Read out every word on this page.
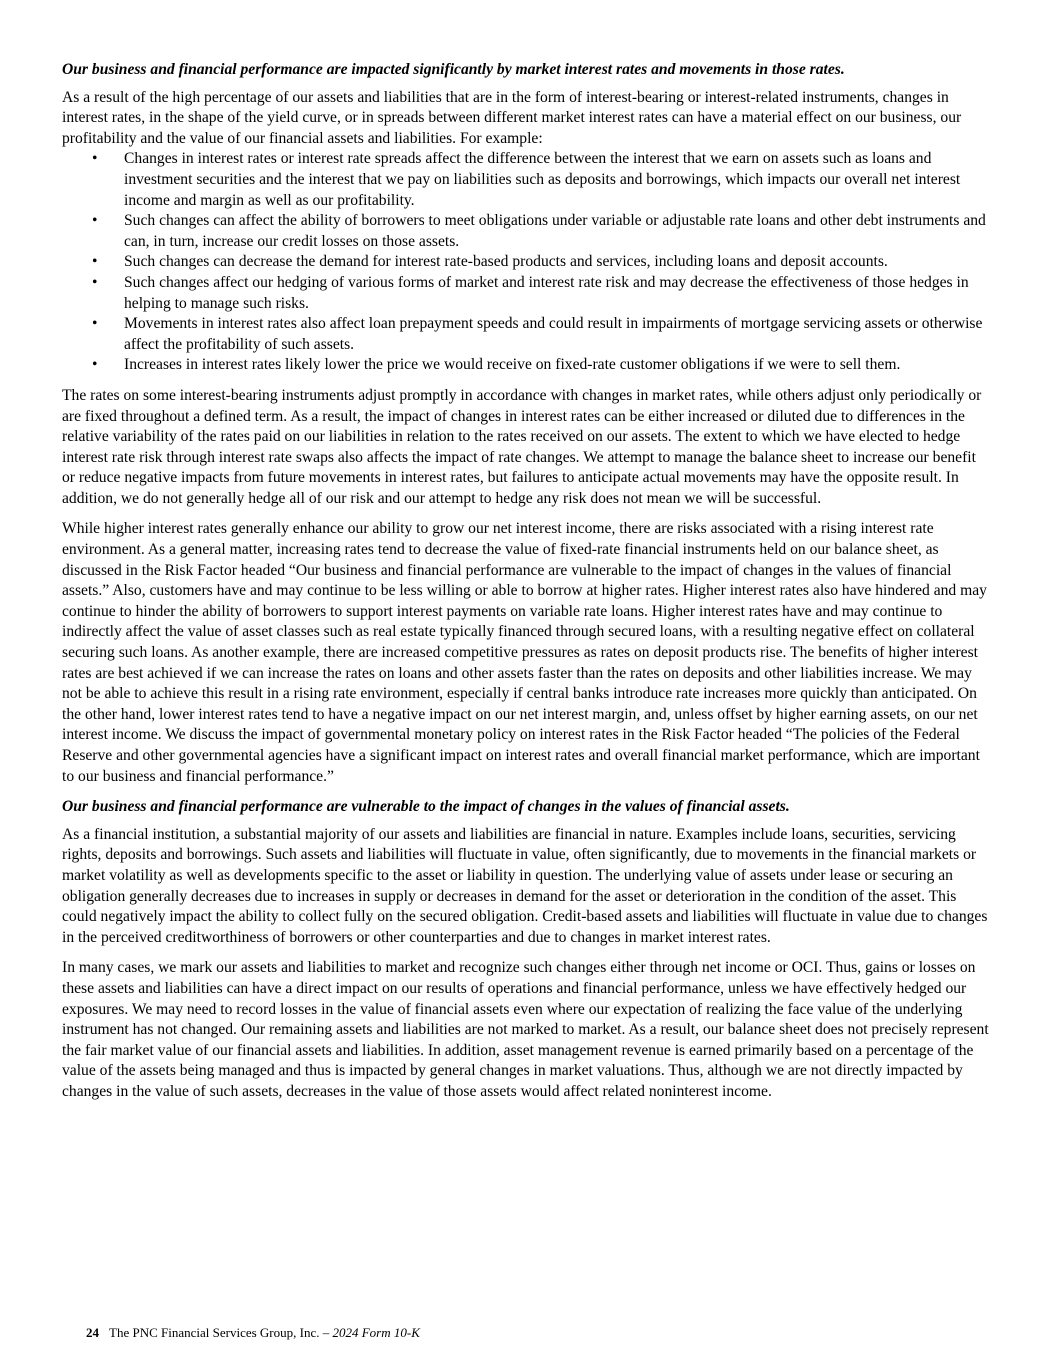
Our business and financial performance are impacted significantly by market interest rates and movements in those rates.

As a result of the high percentage of our assets and liabilities that are in the form of interest-bearing or interest-related instruments, changes in interest rates, in the shape of the yield curve, or in spreads between different market interest rates can have a material effect on our business, our profitability and the value of our financial assets and liabilities. For example:

• Changes in interest rates or interest rate spreads affect the difference between the interest that we earn on assets such as loans and investment securities and the interest that we pay on liabilities such as deposits and borrowings, which impacts our overall net interest income and margin as well as our profitability.
• Such changes can affect the ability of borrowers to meet obligations under variable or adjustable rate loans and other debt instruments and can, in turn, increase our credit losses on those assets.
• Such changes can decrease the demand for interest rate-based products and services, including loans and deposit accounts.
• Such changes affect our hedging of various forms of market and interest rate risk and may decrease the effectiveness of those hedges in helping to manage such risks.
• Movements in interest rates also affect loan prepayment speeds and could result in impairments of mortgage servicing assets or otherwise affect the profitability of such assets.
• Increases in interest rates likely lower the price we would receive on fixed-rate customer obligations if we were to sell them.

The rates on some interest-bearing instruments adjust promptly in accordance with changes in market rates, while others adjust only periodically or are fixed throughout a defined term. As a result, the impact of changes in interest rates can be either increased or diluted due to differences in the relative variability of the rates paid on our liabilities in relation to the rates received on our assets. The extent to which we have elected to hedge interest rate risk through interest rate swaps also affects the impact of rate changes. We attempt to manage the balance sheet to increase our benefit or reduce negative impacts from future movements in interest rates, but failures to anticipate actual movements may have the opposite result. In addition, we do not generally hedge all of our risk and our attempt to hedge any risk does not mean we will be successful.

While higher interest rates generally enhance our ability to grow our net interest income, there are risks associated with a rising interest rate environment. As a general matter, increasing rates tend to decrease the value of fixed-rate financial instruments held on our balance sheet, as discussed in the Risk Factor headed “Our business and financial performance are vulnerable to the impact of changes in the values of financial assets.” Also, customers have and may continue to be less willing or able to borrow at higher rates. Higher interest rates also have hindered and may continue to hinder the ability of borrowers to support interest payments on variable rate loans. Higher interest rates have and may continue to indirectly affect the value of asset classes such as real estate typically financed through secured loans, with a resulting negative effect on collateral securing such loans. As another example, there are increased competitive pressures as rates on deposit products rise. The benefits of higher interest rates are best achieved if we can increase the rates on loans and other assets faster than the rates on deposits and other liabilities increase. We may not be able to achieve this result in a rising rate environment, especially if central banks introduce rate increases more quickly than anticipated. On the other hand, lower interest rates tend to have a negative impact on our net interest margin, and, unless offset by higher earning assets, on our net interest income. We discuss the impact of governmental monetary policy on interest rates in the Risk Factor headed “The policies of the Federal Reserve and other governmental agencies have a significant impact on interest rates and overall financial market performance, which are important to our business and financial performance.”

Our business and financial performance are vulnerable to the impact of changes in the values of financial assets.

As a financial institution, a substantial majority of our assets and liabilities are financial in nature. Examples include loans, securities, servicing rights, deposits and borrowings. Such assets and liabilities will fluctuate in value, often significantly, due to movements in the financial markets or market volatility as well as developments specific to the asset or liability in question. The underlying value of assets under lease or securing an obligation generally decreases due to increases in supply or decreases in demand for the asset or deterioration in the condition of the asset. This could negatively impact the ability to collect fully on the secured obligation. Credit-based assets and liabilities will fluctuate in value due to changes in the perceived creditworthiness of borrowers or other counterparties and due to changes in market interest rates.

In many cases, we mark our assets and liabilities to market and recognize such changes either through net income or OCI. Thus, gains or losses on these assets and liabilities can have a direct impact on our results of operations and financial performance, unless we have effectively hedged our exposures. We may need to record losses in the value of financial assets even where our expectation of realizing the face value of the underlying instrument has not changed. Our remaining assets and liabilities are not marked to market. As a result, our balance sheet does not precisely represent the fair market value of our financial assets and liabilities. In addition, asset management revenue is earned primarily based on a percentage of the value of the assets being managed and thus is impacted by general changes in market valuations. Thus, although we are not directly impacted by changes in the value of such assets, decreases in the value of those assets would affect related noninterest income.

24 The PNC Financial Services Group, Inc. – 2024 Form 10-K
